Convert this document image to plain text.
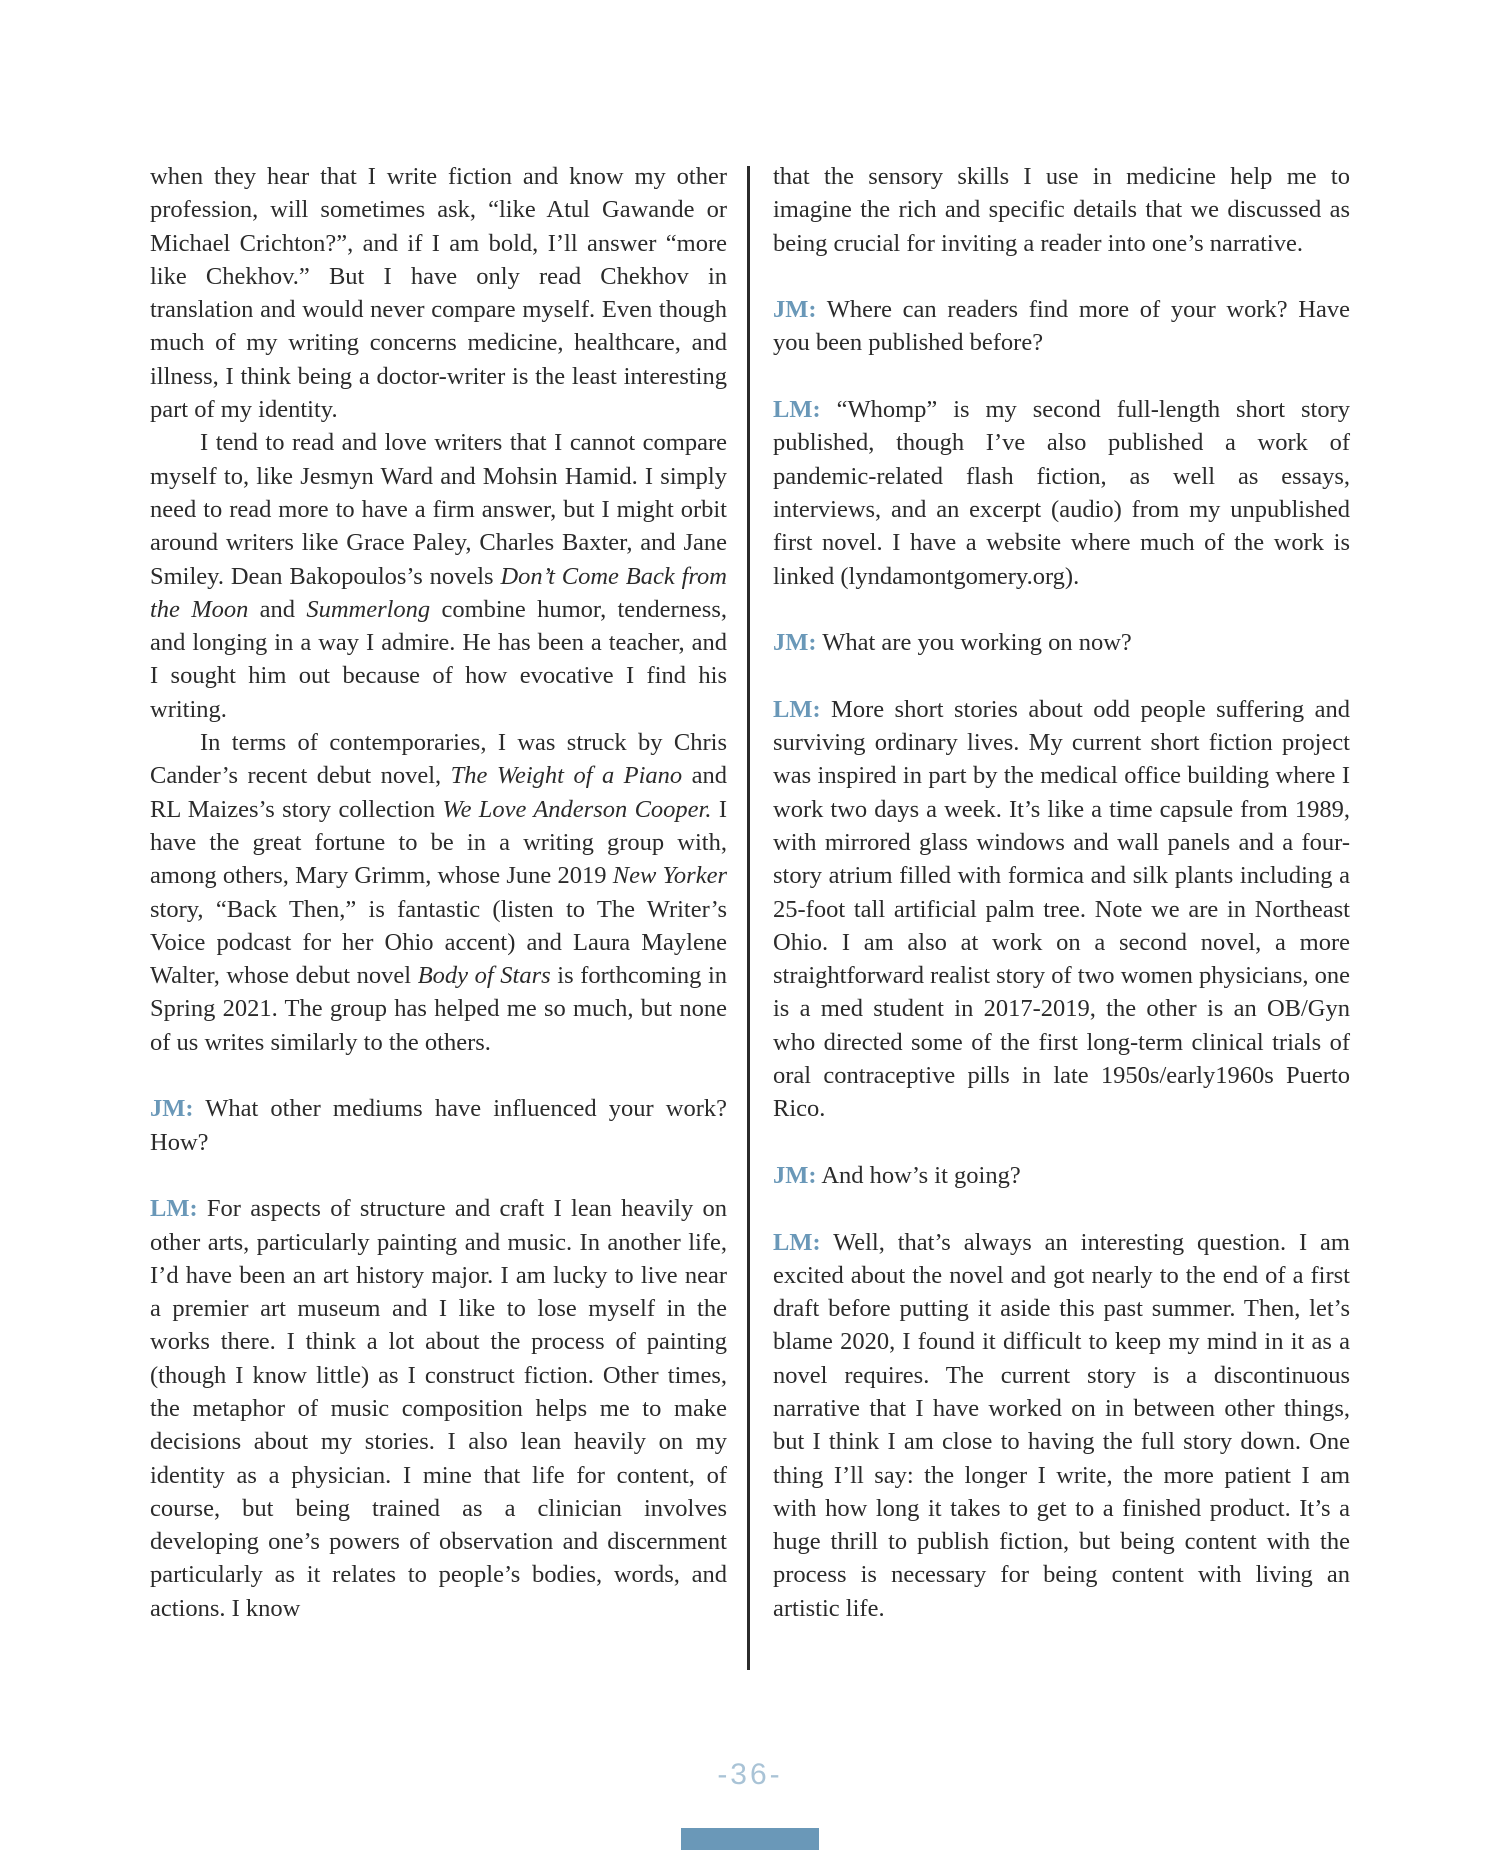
when they hear that I write fiction and know my other profession, will sometimes ask, “like Atul Gawande or Michael Crichton?”, and if I am bold, I’ll answer “more like Chekhov.” But I have only read Chekhov in translation and would never compare myself. Even though much of my writing concerns medicine, healthcare, and illness, I think being a doctor-writer is the least interesting part of my identity.

I tend to read and love writers that I cannot compare myself to, like Jesmyn Ward and Mohsin Hamid. I simply need to read more to have a firm answer, but I might orbit around writers like Grace Paley, Charles Baxter, and Jane Smiley. Dean Bakopoulos’s novels Don’t Come Back from the Moon and Summerlong combine humor, tenderness, and longing in a way I admire. He has been a teacher, and I sought him out because of how evocative I find his writing.

In terms of contemporaries, I was struck by Chris Cander’s recent debut novel, The Weight of a Piano and RL Maizes’s story collection We Love Anderson Cooper. I have the great fortune to be in a writing group with, among others, Mary Grimm, whose June 2019 New Yorker story, “Back Then,” is fantastic (listen to The Writer’s Voice podcast for her Ohio accent) and Laura Maylene Walter, whose debut novel Body of Stars is forthcoming in Spring 2021. The group has helped me so much, but none of us writes similarly to the others.

JM: What other mediums have influenced your work? How?

LM: For aspects of structure and craft I lean heavily on other arts, particularly painting and music. In another life, I’d have been an art history major. I am lucky to live near a premier art museum and I like to lose myself in the works there. I think a lot about the process of painting (though I know little) as I construct fiction. Other times, the metaphor of music composition helps me to make decisions about my stories. I also lean heavily on my identity as a physician. I mine that life for content, of course, but being trained as a clinician involves developing one’s powers of observation and discernment particularly as it relates to people’s bodies, words, and actions. I know

that the sensory skills I use in medicine help me to imagine the rich and specific details that we discussed as being crucial for inviting a reader into one’s narrative.

JM: Where can readers find more of your work? Have you been published before?

LM: “Whomp” is my second full-length short story published, though I’ve also published a work of pandemic-related flash fiction, as well as essays, interviews, and an excerpt (audio) from my unpublished first novel. I have a website where much of the work is linked (lyndamontgomery.org).

JM: What are you working on now?

LM: More short stories about odd people suffering and surviving ordinary lives. My current short fiction project was inspired in part by the medical office building where I work two days a week. It’s like a time capsule from 1989, with mirrored glass windows and wall panels and a four-story atrium filled with formica and silk plants including a 25-foot tall artificial palm tree. Note we are in Northeast Ohio. I am also at work on a second novel, a more straightforward realist story of two women physicians, one is a med student in 2017-2019, the other is an OB/Gyn who directed some of the first long-term clinical trials of oral contraceptive pills in late 1950s/early1960s Puerto Rico.

JM: And how’s it going?

LM: Well, that’s always an interesting question. I am excited about the novel and got nearly to the end of a first draft before putting it aside this past summer. Then, let’s blame 2020, I found it difficult to keep my mind in it as a novel requires. The current story is a discontinuous narrative that I have worked on in between other things, but I think I am close to having the full story down. One thing I’ll say: the longer I write, the more patient I am with how long it takes to get to a finished product. It’s a huge thrill to publish fiction, but being content with the process is necessary for being content with living an artistic life.

-36-
